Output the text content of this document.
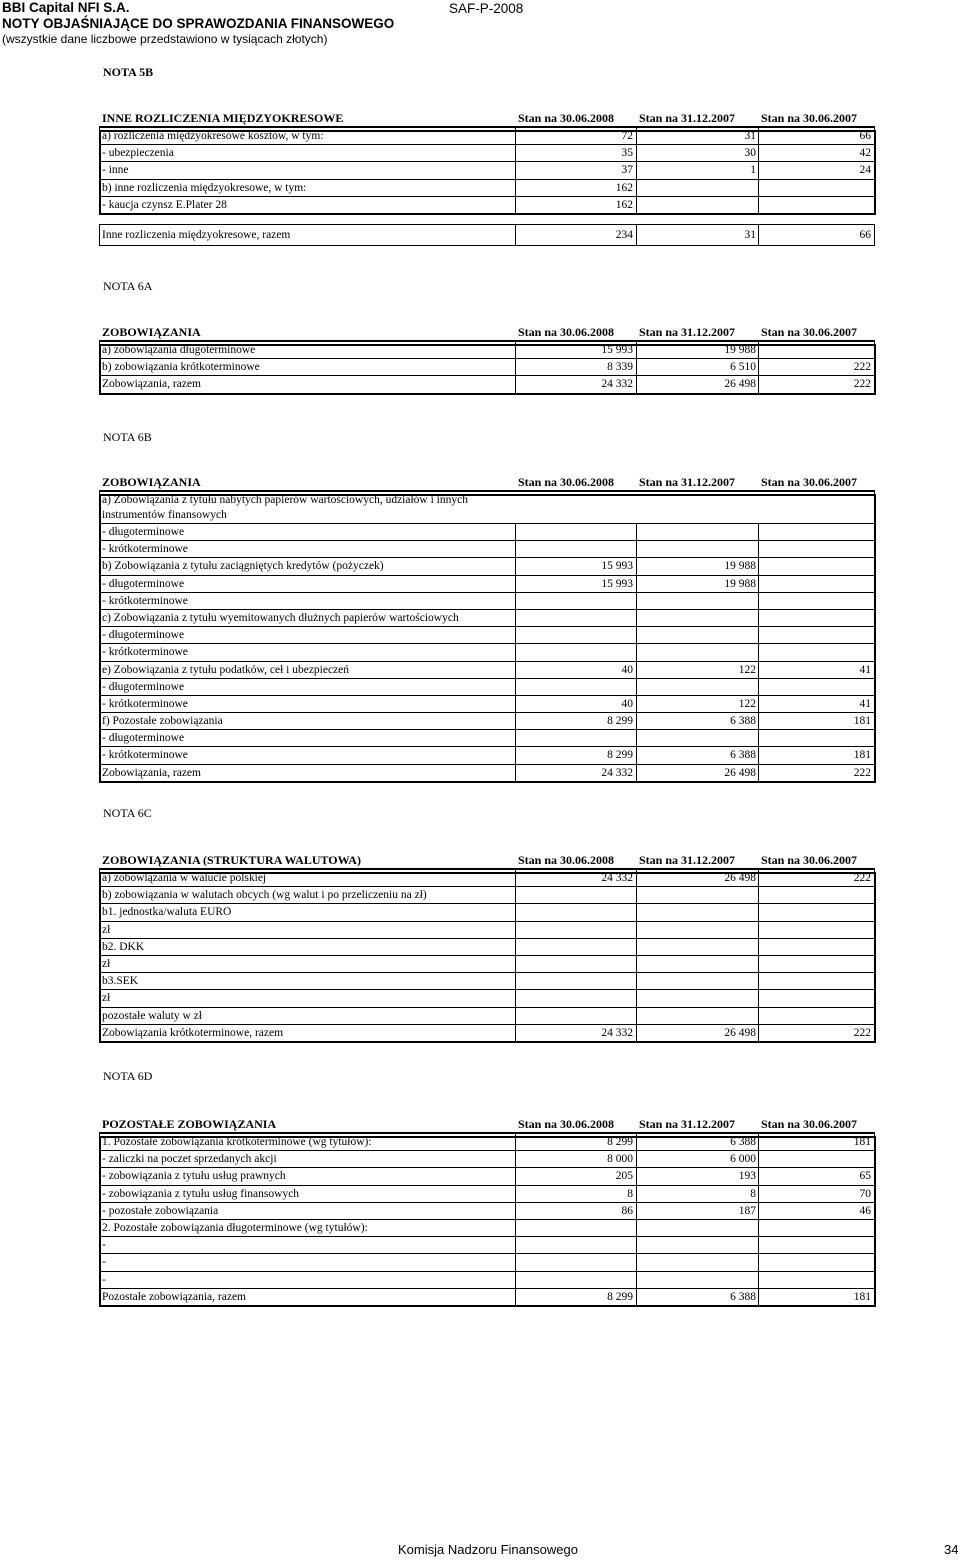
BBI Capital NFI S.A.
NOTY OBJAŚNIAJĄCE DO SPRAWOZDANIA FINANSOWEGO
(wszystkie dane liczbowe przedstawiono w tysiącach złotych)
SAF-P-2008
NOTA 5B
INNE ROZLICZENIA MIĘDZYOKRESOWE	Stan na 30.06.2008 Stan na 31.12.2007 Stan na 30.06.2007
a) rozliczenia międzyokresowe kosztów, w tym:	72	31	66
- ubezpieczenia	35	30	42
- inne	37	1	24
b) inne rozliczenia międzyokresowe, w tym:	162
- kaucja czynsz E.Plater 28	162
Inne rozliczenia międzyokresowe, razem	234	31	66
NOTA 6A
ZOBOWIĄZANIA	Stan na 30.06.2008 Stan na 31.12.2007 Stan na 30.06.2007
a) zobowiązania długoterminowe	15 993	19 988
b) zobowiązania krótkoterminowe	8 339	6 510	222
Zobowiązania, razem	24 332	26 498	222
NOTA 6B
ZOBOWIĄZANIA	Stan na 30.06.2008 Stan na 31.12.2007 Stan na 30.06.2007
a) Zobowiązania z tytułu nabytych papierów wartościowych, udziałów i innych
instrumentów finansowych
- długoterminowe
- krótkoterminowe
b) Zobowiązania z tytułu zaciągniętych kredytów (pożyczek)	15 993	19 988
- długoterminowe	15 993	19 988
- krótkoterminowe
c) Zobowiązania z tytułu wyemitowanych dłużnych papierów wartościowych
- długoterminowe
- krótkoterminowe
e) Zobowiązania z tytułu podatków, ceł i ubezpieczeń	40	122	41
- długoterminowe
- krótkoterminowe	40	122	41
f) Pozostałe zobowiązania	8 299	6 388	181
- długoterminowe
- krótkoterminowe	8 299	6 388	181
Zobowiązania, razem	24 332	26 498	222
NOTA 6C
ZOBOWIĄZANIA (STRUKTURA WALUTOWA)	Stan na 30.06.2008 Stan na 31.12.2007 Stan na 30.06.2007
a) zobowiązania w walucie polskiej	24 332	26 498	222
b) zobowiązania w walutach obcych (wg walut i po przeliczeniu na zł)
b1. jednostka/waluta EURO
zł
b2. DKK
zł
b3.SEK
zł
pozostałe waluty w zł
Zobowiązania krótkoterminowe, razem	24 332	26 498	222
NOTA 6D
POZOSTAŁE ZOBOWIĄZANIA	Stan na 30.06.2008 Stan na 31.12.2007 Stan na 30.06.2007
1. Pozostałe zobowiązania krótkoterminowe (wg tytułów):	8 299	6 388	181
- zaliczki na poczet sprzedanych akcji	8 000	6 000
- zobowiązania z tytułu usług prawnych	205	193	65
- zobowiązania z tytułu usług finansowych	8	8	70
- pozostałe zobowiązania	86	187	46
2. Pozostałe zobowiązania długoterminowe (wg tytułów):
-
-
-
Pozostałe zobowiązania, razem	8 299	6 388	181
Komisja Nadzoru Finansowego	34
